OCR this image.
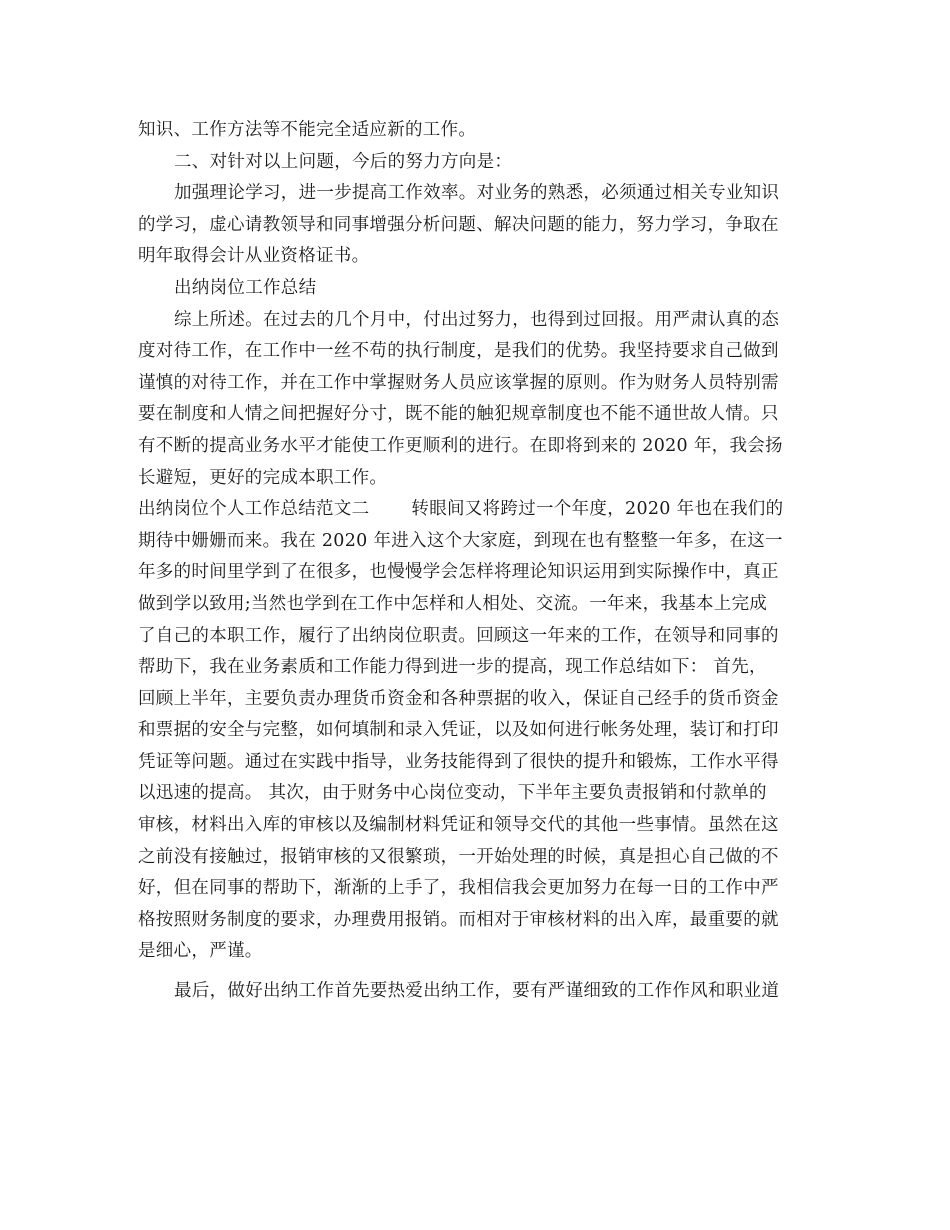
知识、工作方法等不能完全适应新的工作。
二、对针对以上问题，今后的努力方向是：
加强理论学习，进一步提高工作效率。对业务的熟悉，必须通过相关专业知识
的学习，虚心请教领导和同事增强分析问题、解决问题的能力，努力学习，争取在
明年取得会计从业资格证书。
出纳岗位工作总结
综上所述。在过去的几个月中，付出过努力，也得到过回报。用严肃认真的态
度对待工作，在工作中一丝不苟的执行制度，是我们的优势。我坚持要求自己做到
谨慎的对待工作，并在工作中掌握财务人员应该掌握的原则。作为财务人员特别需
要在制度和人情之间把握好分寸，既不能的触犯规章制度也不能不通世故人情。只
有不断的提高业务水平才能使工作更顺利的进行。在即将到来的 2020 年，我会扬
长避短，更好的完成本职工作。
出纳岗位个人工作总结范文二 转眼间又将跨过一个年度，2020 年也在我们的
期待中姗姗而来。我在 2020 年进入这个大家庭，到现在也有整整一年多，在这一
年多的时间里学到了在很多，也慢慢学会怎样将理论知识运用到实际操作中，真正
做到学以致用;当然也学到在工作中怎样和人相处、交流。一年来，我基本上完成
了自己的本职工作，履行了出纳岗位职责。回顾这一年来的工作，在领导和同事的
帮助下，我在业务素质和工作能力得到进一步的提高，现工作总结如下： 首先，
回顾上半年，主要负责办理货币资金和各种票据的收入，保证自己经手的货币资金
和票据的安全与完整，如何填制和录入凭证，以及如何进行帐务处理，装订和打印
凭证等问题。通过在实践中指导，业务技能得到了很快的提升和锻炼，工作水平得
以迅速的提高。 其次，由于财务中心岗位变动，下半年主要负责报销和付款单的
审核，材料出入库的审核以及编制材料凭证和领导交代的其他一些事情。虽然在这
之前没有接触过，报销审核的又很繁琐，一开始处理的时候，真是担心自己做的不
好，但在同事的帮助下，渐渐的上手了，我相信我会更加努力在每一日的工作中严
格按照财务制度的要求，办理费用报销。而相对于审核材料的出入库，最重要的就
是细心，严谨。
最后，做好出纳工作首先要热爱出纳工作，要有严谨细致的工作作风和职业道
